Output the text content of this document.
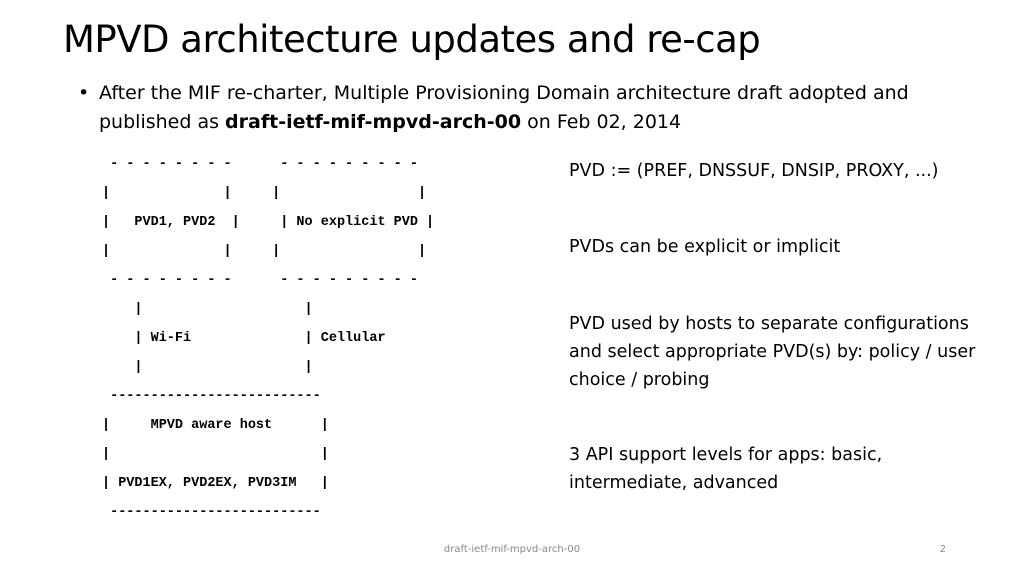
MPVD architecture updates and re-cap
• After the MIF re-charter, Multiple Provisioning Domain architecture draft adopted and published as draft-ietf-mif-mpvd-arch-00 on Feb 02, 2014
- - - - - - - -      - - - - - - - - -
|              |     |                 |
|   PVD1, PVD2  |     | No explicit PVD |
|              |     |                 |
- - - - - - - -      - - - - - - - - -
|                    |
| Wi-Fi              | Cellular
|                    |
--------------------------
|     MPVD aware host      |
|                          |
| PVD1EX, PVD2EX, PVD3IM   |
--------------------------
PVD := (PREF, DNSSUF, DNSIP, PROXY, ...)
PVDs can be explicit or implicit
PVD used by hosts to separate configurations and select appropriate PVD(s) by: policy / user choice / probing
3 API support levels for apps: basic, intermediate, advanced
draft-ietf-mif-mpvd-arch-00	2
